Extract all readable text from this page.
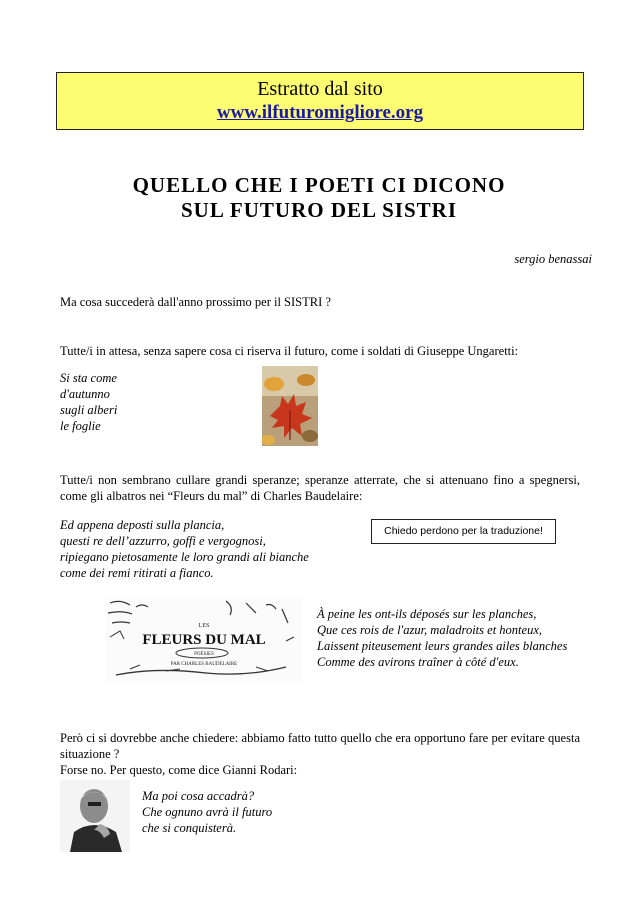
Estratto dal sito
www.ilfuturomigliore.org
QUELLO CHE I POETI CI DICONO
SUL FUTURO DEL SISTRI
sergio benassai
Ma cosa succederà dall'anno prossimo per il SISTRI ?
Tutte/i in attesa, senza sapere cosa ci riserva il futuro, come i soldati di Giuseppe Ungaretti:
Si sta come
d'autunno
sugli alberi
le foglie
Tutte/i non sembrano cullare grandi speranze; speranze atterrate, che si attenuano fino a spegnersi, come gli albatros nei “Fleurs du mal” di Charles Baudelaire:
Ed appena deposti sulla plancia,
questi re dell’azzurro, goffi e vergognosi,
ripiegano pietosamente le loro grandi ali bianche
come dei remi ritirati a fianco.
Chiedo perdono per la traduzione!
LES
FLEURS DU MAL
POÉSIES
PAR CHARLES BAUDELAIRE
À peine les ont-ils déposés sur les planches,
Que ces rois de l'azur, maladroits et honteux,
Laissent piteusement leurs grandes ailes blanches
Comme des avirons traîner à côté d'eux.
Però ci si dovrebbe anche chiedere: abbiamo fatto tutto quello che era opportuno fare per evitare questa situazione ?
Forse no. Per questo, come dice Gianni Rodari:
Ma poi cosa accadrà?
Che ognuno avrà il futuro
che si conquisterà.
